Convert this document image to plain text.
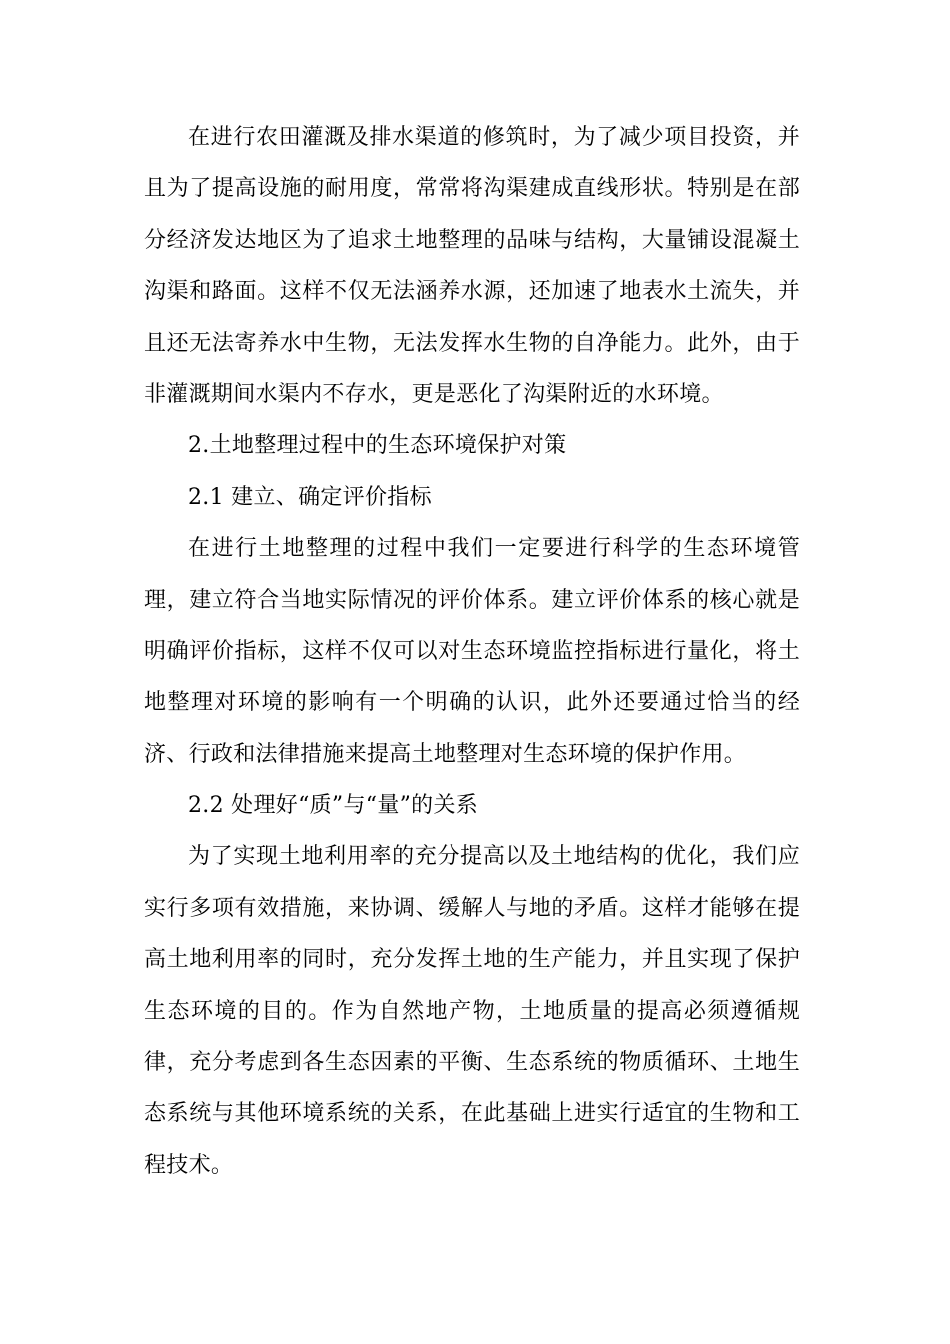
在进行农田灌溉及排水渠道的修筑时，为了减少项目投资，并
且为了提高设施的耐用度，常常将沟渠建成直线形状。特别是在部
分经济发达地区为了追求土地整理的品味与结构，大量铺设混凝土
沟渠和路面。这样不仅无法涵养水源，还加速了地表水土流失，并
且还无法寄养水中生物，无法发挥水生物的自净能力。此外，由于
非灌溉期间水渠内不存水，更是恶化了沟渠附近的水环境。
2.土地整理过程中的生态环境保护对策
2.1 建立、确定评价指标
在进行土地整理的过程中我们一定要进行科学的生态环境管
理，建立符合当地实际情况的评价体系。建立评价体系的核心就是
明确评价指标，这样不仅可以对生态环境监控指标进行量化，将土
地整理对环境的影响有一个明确的认识，此外还要通过恰当的经
济、行政和法律措施来提高土地整理对生态环境的保护作用。
2.2 处理好“质”与“量”的关系
为了实现土地利用率的充分提高以及土地结构的优化，我们应
实行多项有效措施，来协调、缓解人与地的矛盾。这样才能够在提
高土地利用率的同时，充分发挥土地的生产能力，并且实现了保护
生态环境的目的。作为自然地产物，土地质量的提高必须遵循规
律，充分考虑到各生态因素的平衡、生态系统的物质循环、土地生
态系统与其他环境系统的关系，在此基础上进实行适宜的生物和工
程技术。
